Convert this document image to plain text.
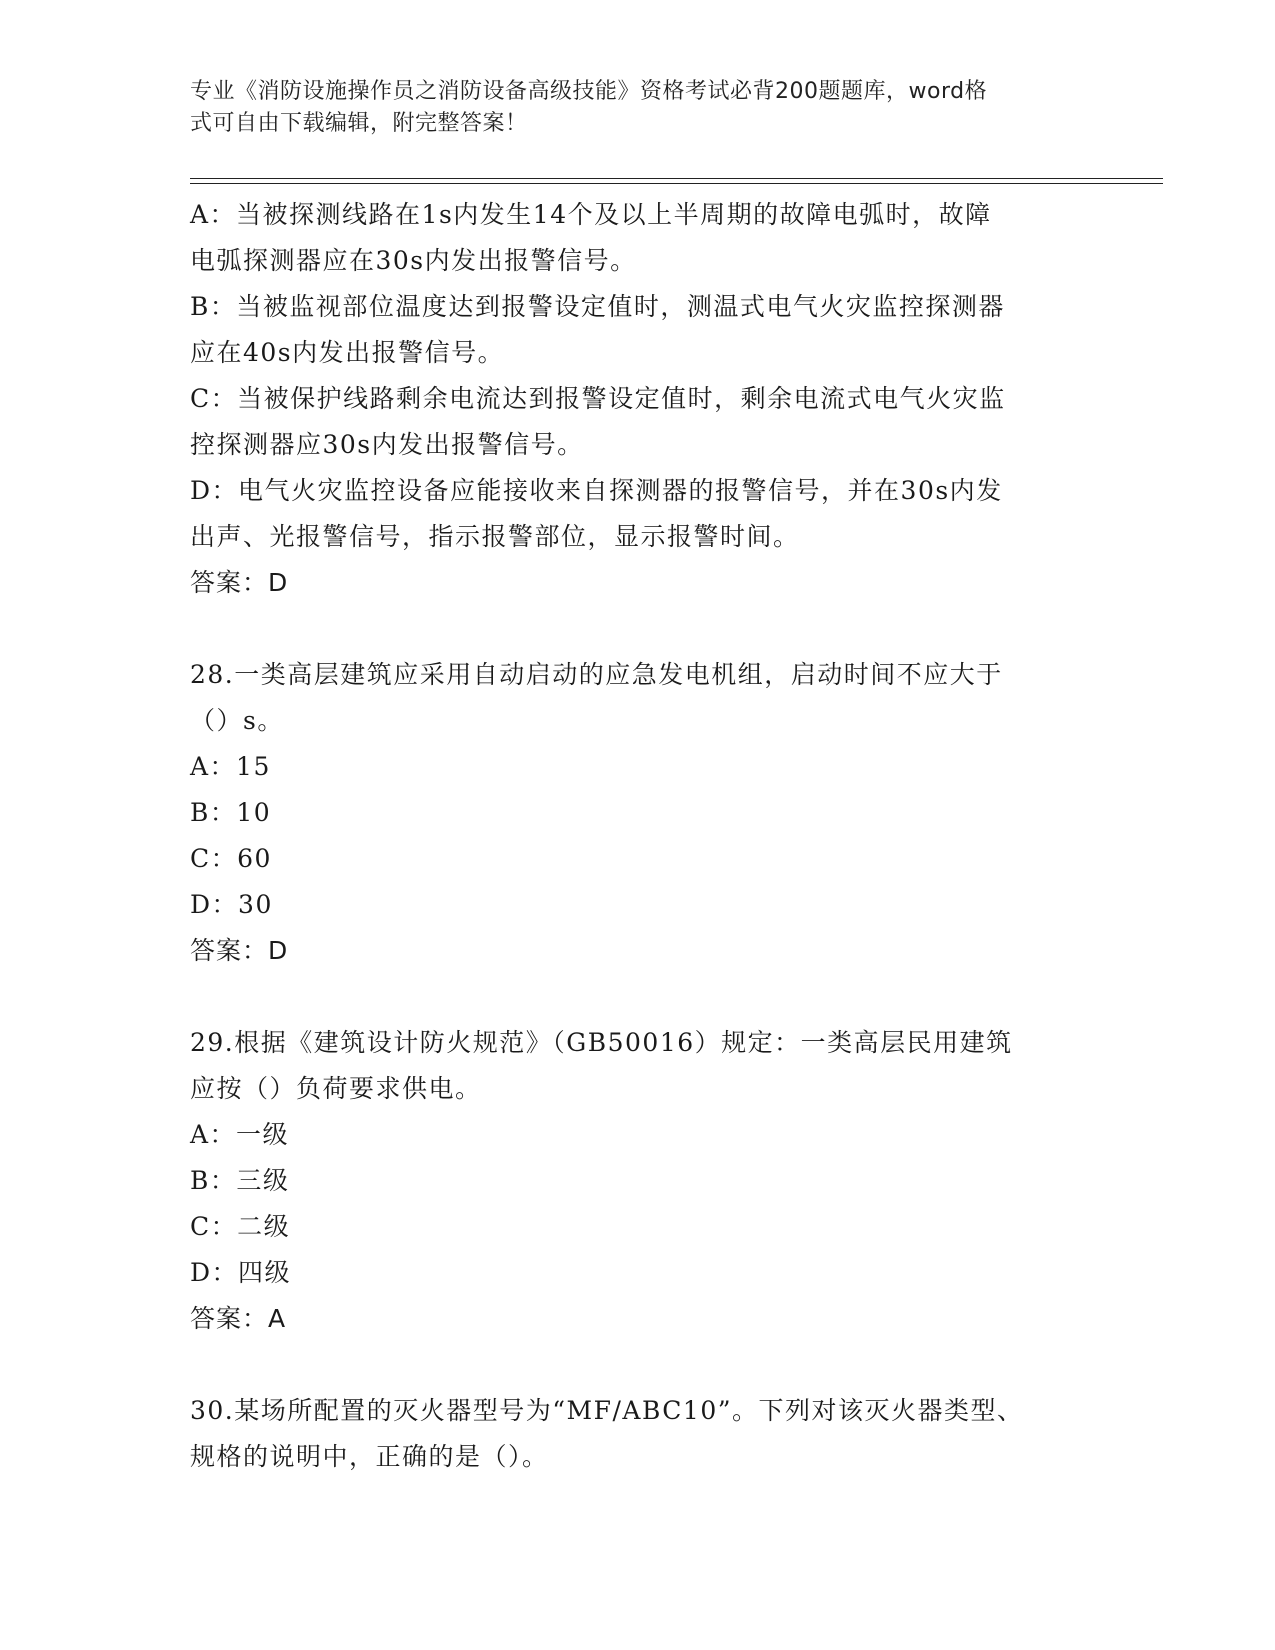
专业《消防设施操作员之消防设备高级技能》资格考试必背200题题库，word格
式可自由下载编辑，附完整答案！

A：当被探测线路在1s内发生14个及以上半周期的故障电弧时，故障

电弧探测器应在30s内发出报警信号。

B：当被监视部位温度达到报警设定值时，测温式电气火灾监控探测器

应在40s内发出报警信号。

C：当被保护线路剩余电流达到报警设定值时，剩余电流式电气火灾监

控探测器应30s内发出报警信号。

D：电气火灾监控设备应能接收来自探测器的报警信号，并在30s内发

出声、光报警信号，指示报警部位，显示报警时间。

答案：D

28.一类高层建筑应采用自动启动的应急发电机组，启动时间不应大于

（）s。

A：15

B：10

C：60

D：30

答案：D

29.根据《建筑设计防火规范》（GB50016）规定：一类高层民用建筑

应按（）负荷要求供电。

A：一级

B：三级

C：二级

D：四级

答案：A

30.某场所配置的灭火器型号为“MF/ABC10”。下列对该灭火器类型、

规格的说明中，正确的是（）。
